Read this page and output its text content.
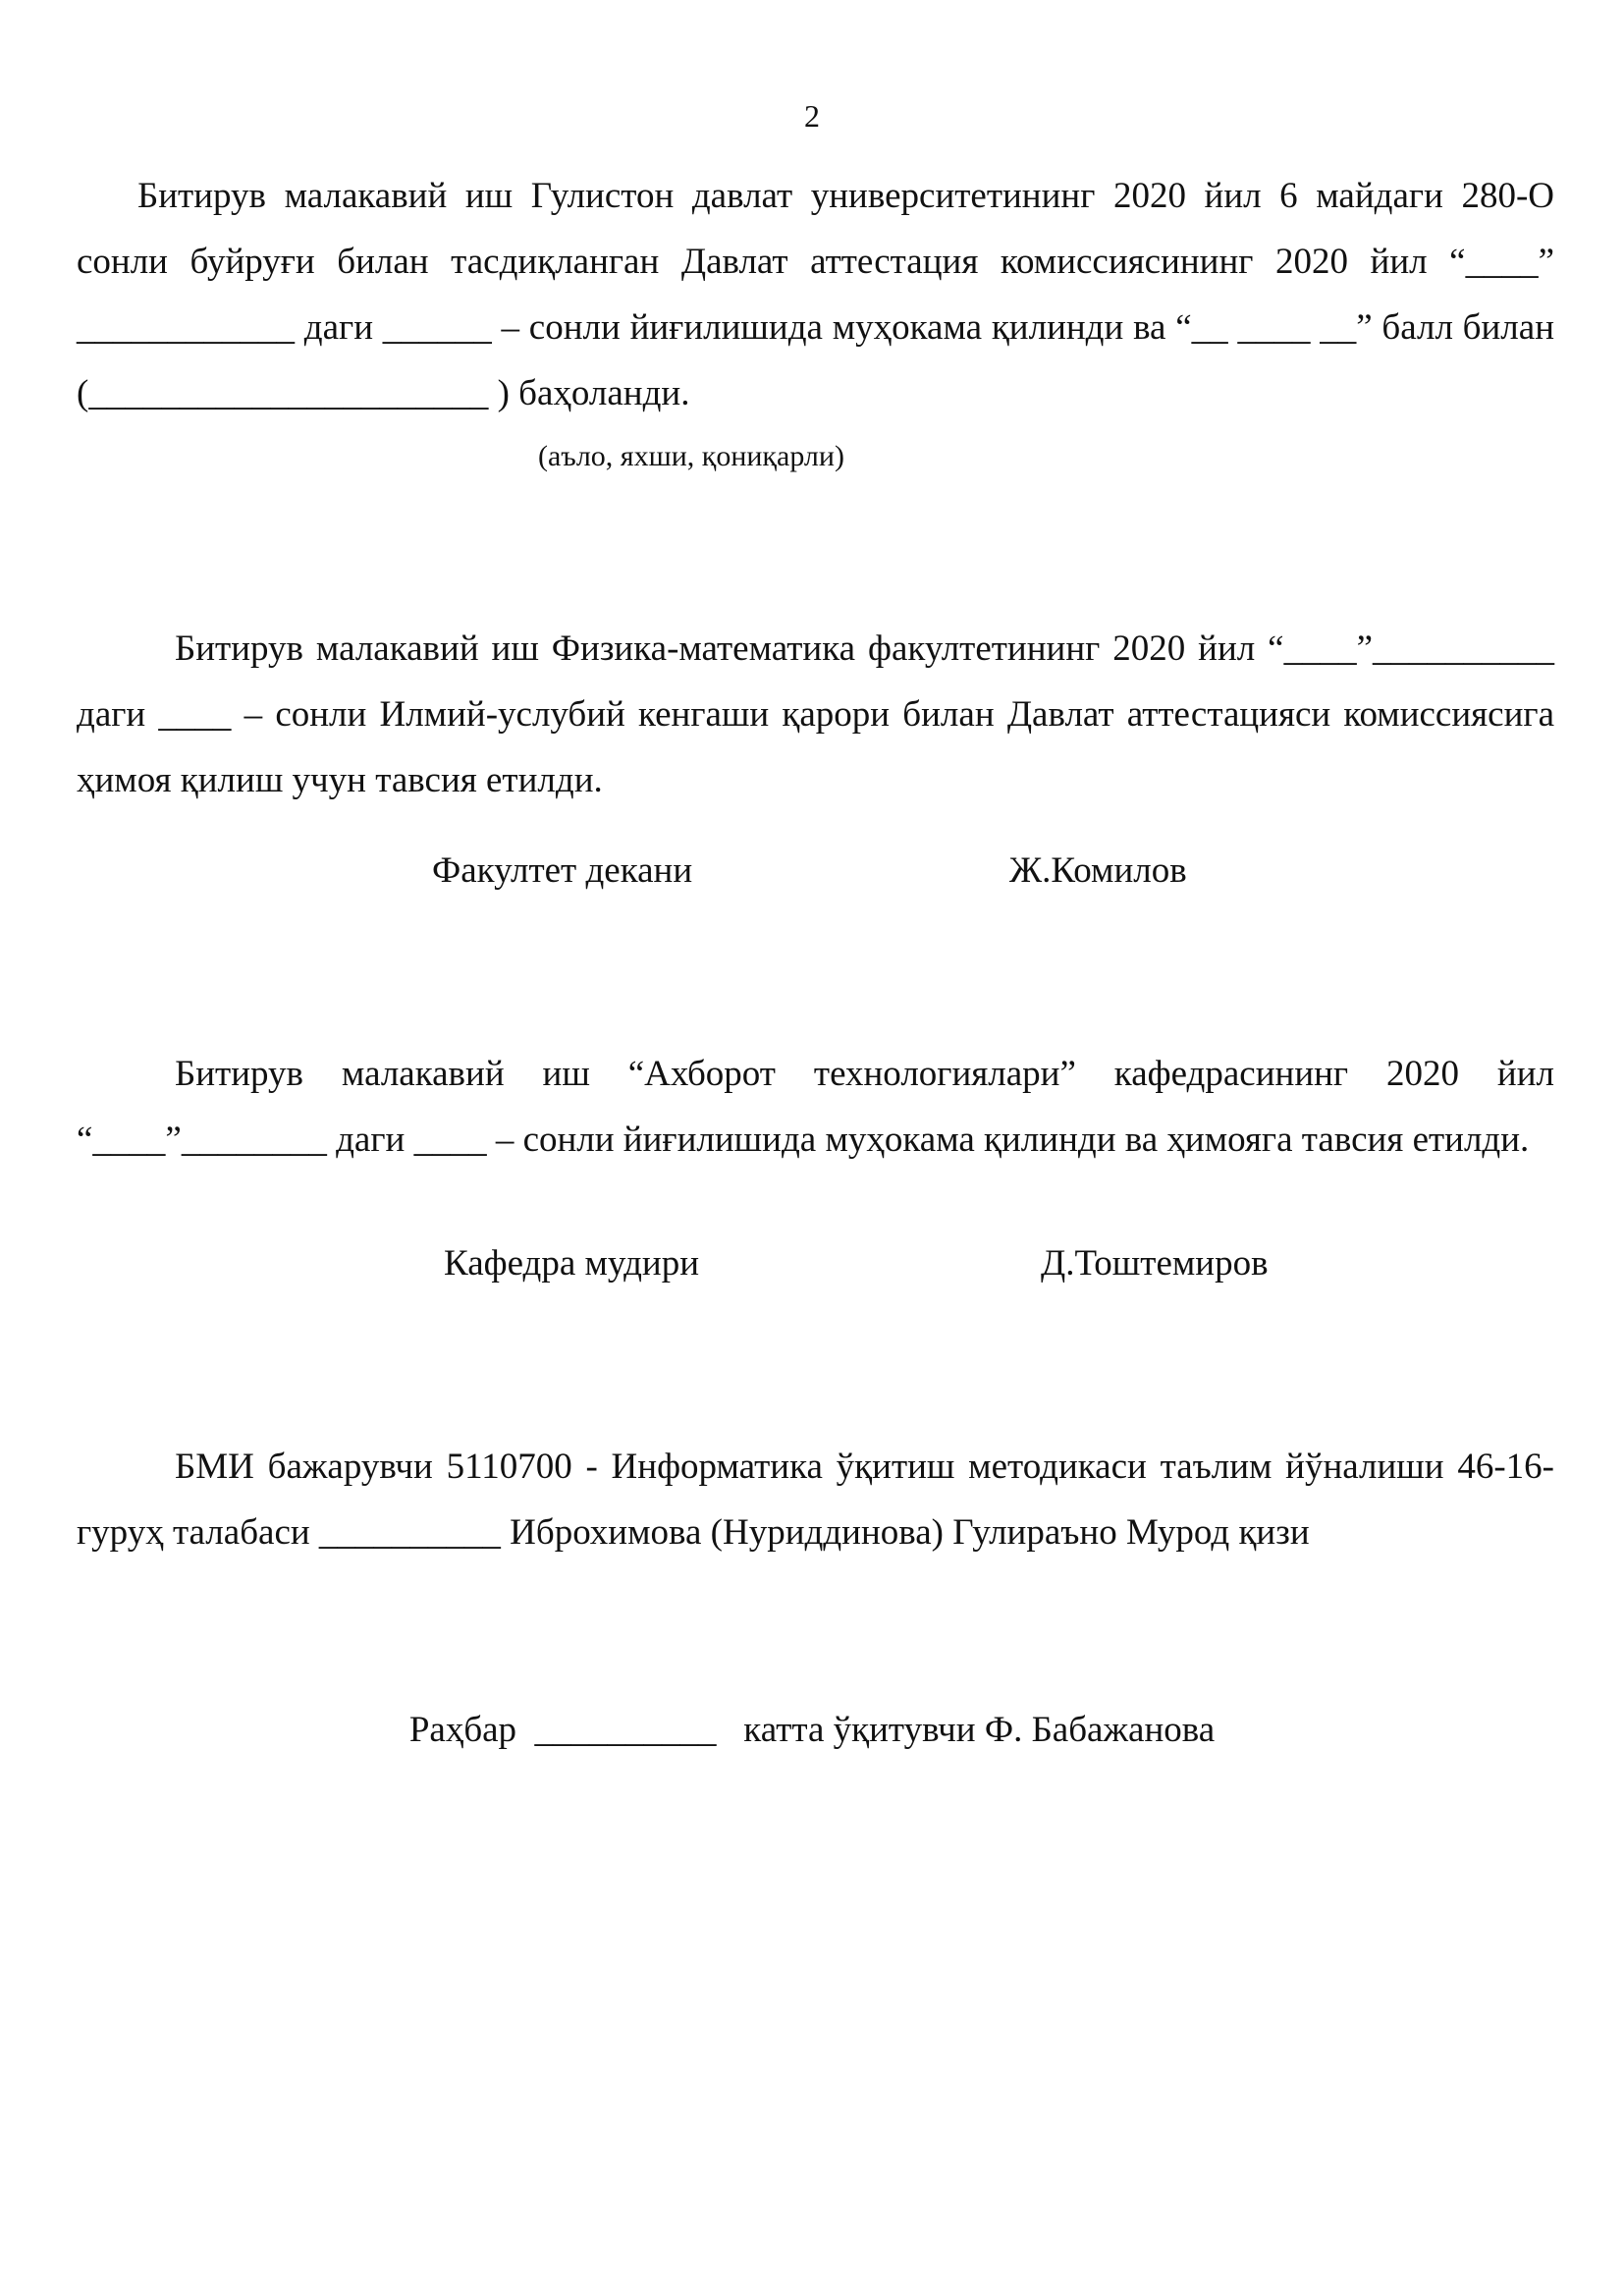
2

Битирув малакавий иш Гулистон давлат университетининг 2020 йил 6 майдаги 280-О сонли буйруғи билан тасдиқланган Давлат аттестация комиссиясининг 2020 йил “____” ____________ даги ______ – сонли йиғилишида муҳокама қилинди ва “__ ____ __” балл билан (______________________ ) баҳоланди.

(аъло, яхши, қониқарли)

Битирув малакавий иш Физика-математика факултетининг 2020 йил “____”__________ даги ____ – сонли Илмий-услубий кенгаши қарори билан Давлат аттестацияси комиссиясига ҳимоя қилиш учун тавсия етилди.

Факултет декани	Ж.Комилов

Битирув малакавий иш “Ахборот технологиялари” кафедрасининг 2020 йил “____”________ даги ____ – сонли йиғилишида муҳокама қилинди ва ҳимояга тавсия етилди.

Кафедра мудири	Д.Тоштемиров

БМИ бажарувчи 5110700 - Информатика ўқитиш методикаси таълим йўналиши 46-16-гуруҳ талабаси __________ Иброхимова (Нуриддинова) Гулираъно Мурод қизи

Раҳбар  __________   катта ўқитувчи Ф. Бабажанова
